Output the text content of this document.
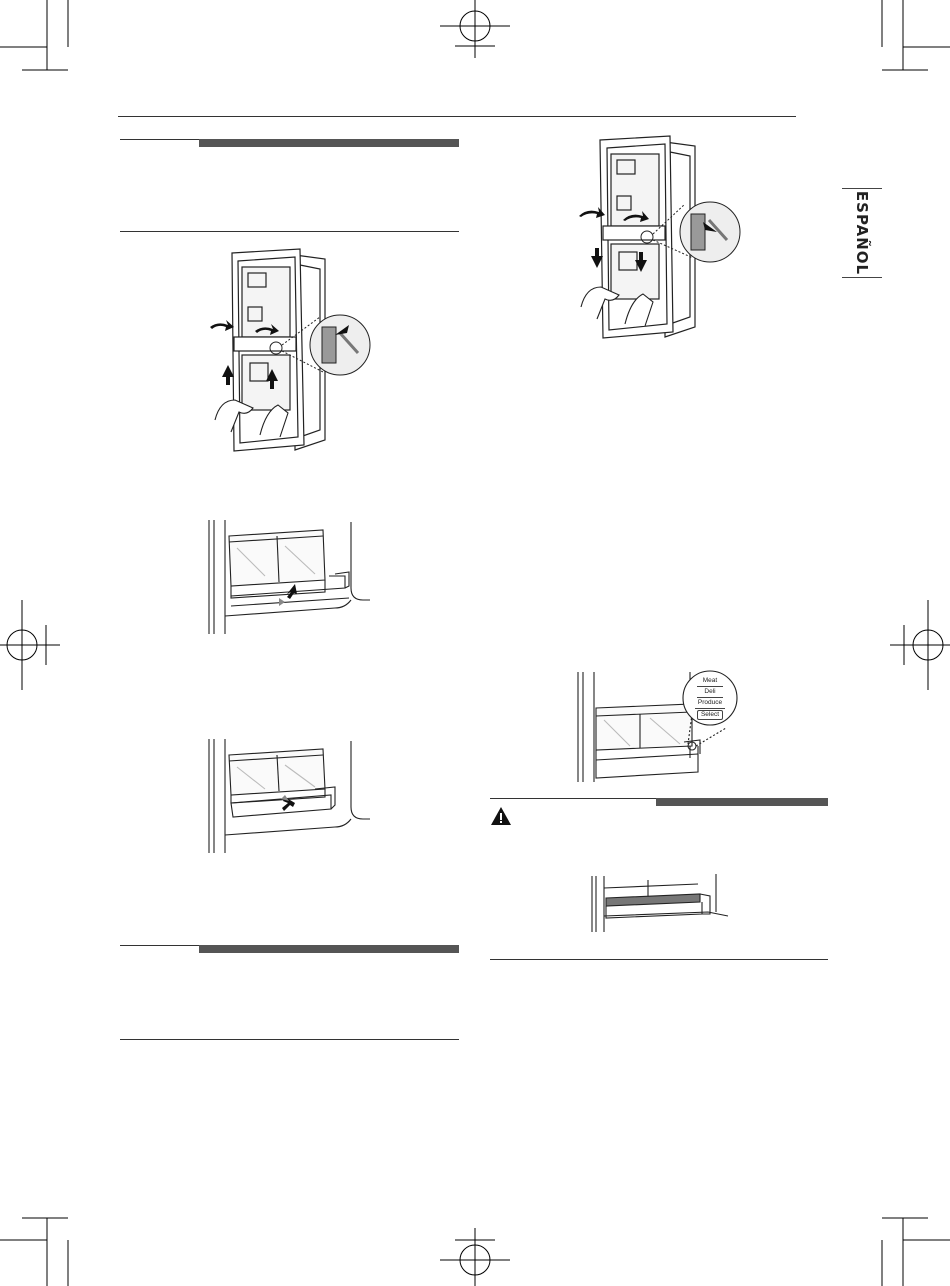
ESPAÑOL
Meat
Deli
Produce
Select
